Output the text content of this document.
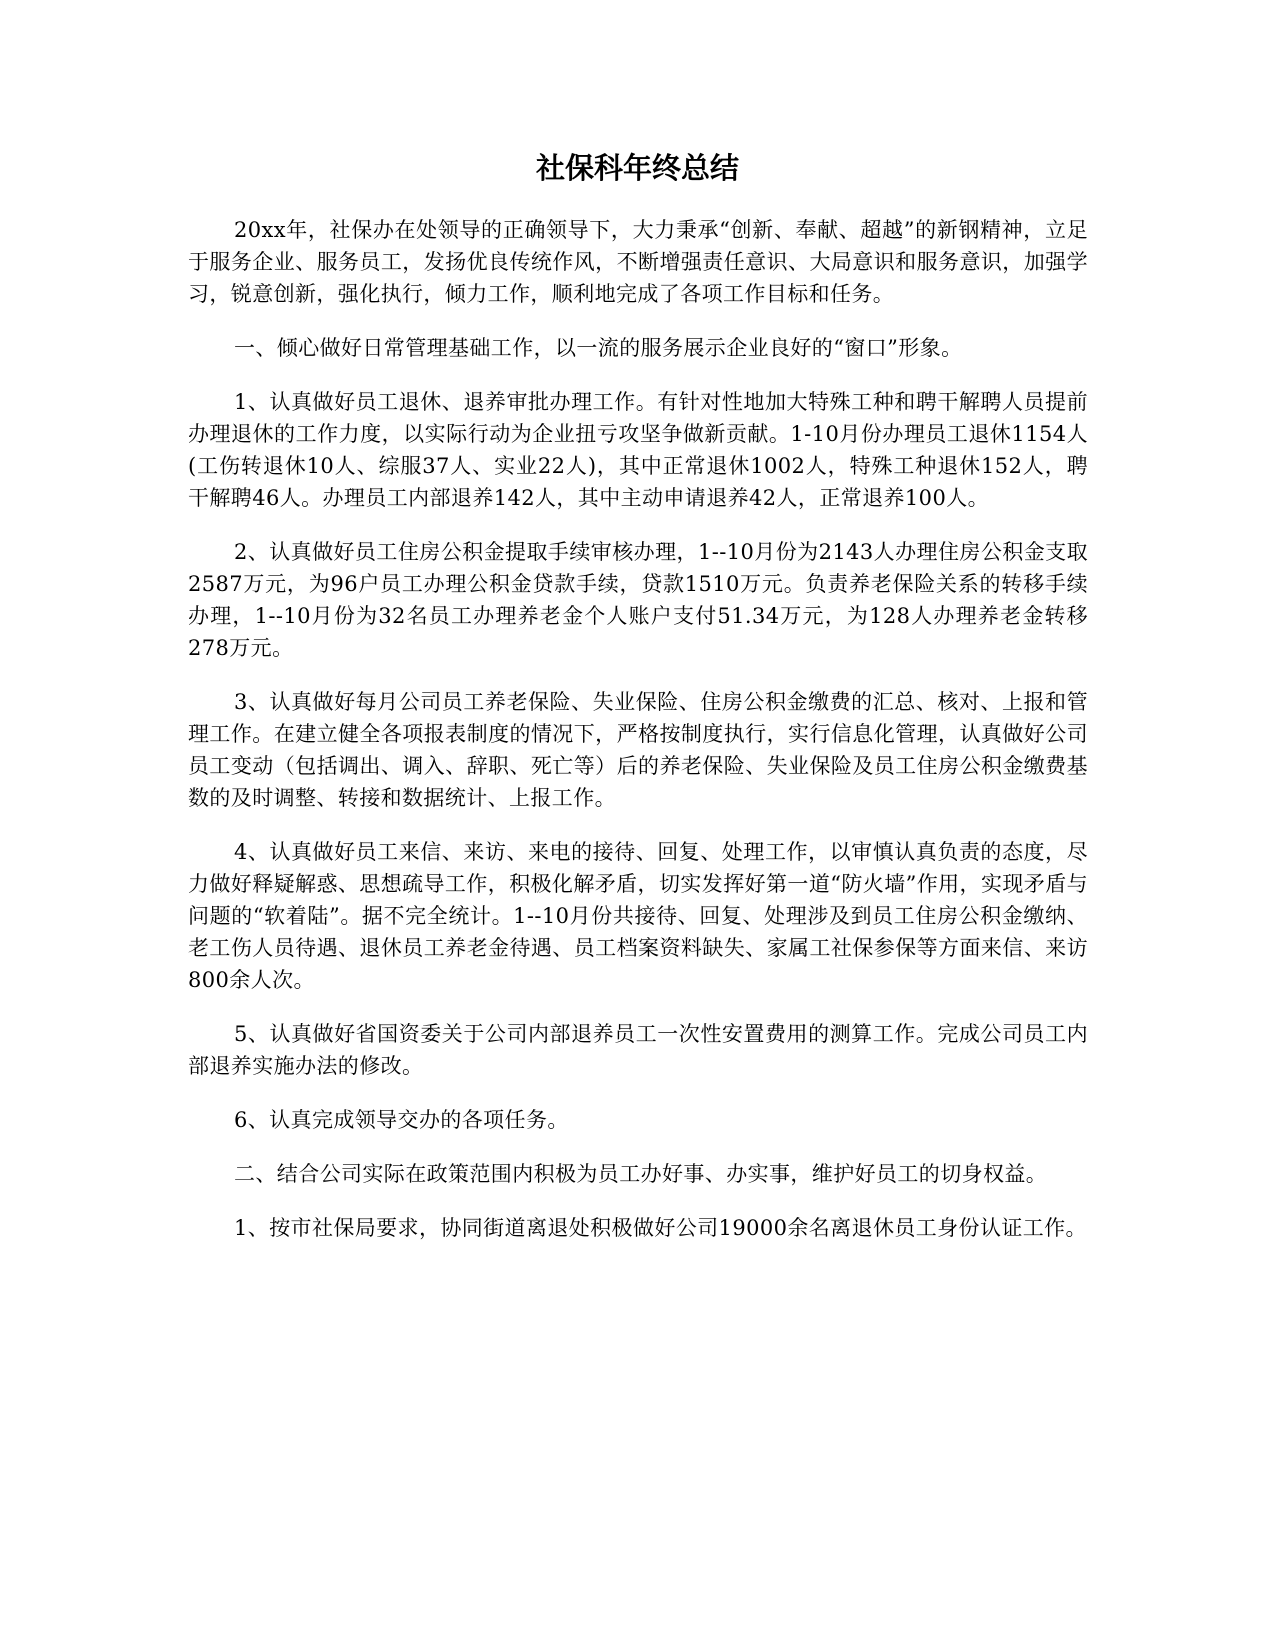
社保科年终总结

20xx年，社保办在处领导的正确领导下，大力秉承“创新、奉献、超越”的新钢精神，立足于服务企业、服务员工，发扬优良传统作风，不断增强责任意识、大局意识和服务意识，加强学习，锐意创新，强化执行，倾力工作，顺利地完成了各项工作目标和任务。

一、倾心做好日常管理基础工作，以一流的服务展示企业良好的“窗口”形象。

1、认真做好员工退休、退养审批办理工作。有针对性地加大特殊工种和聘干解聘人员提前办理退休的工作力度，以实际行动为企业扭亏攻坚争做新贡献。1-10月份办理员工退休1154人(工伤转退休10人、综服37人、实业22人)，其中正常退休1002人，特殊工种退休152人，聘干解聘46人。办理员工内部退养142人，其中主动申请退养42人，正常退养100人。

2、认真做好员工住房公积金提取手续审核办理，1--10月份为2143人办理住房公积金支取2587万元，为96户员工办理公积金贷款手续，贷款1510万元。负责养老保险关系的转移手续办理，1--10月份为32名员工办理养老金个人账户支付51.34万元，为128人办理养老金转移278万元。

3、认真做好每月公司员工养老保险、失业保险、住房公积金缴费的汇总、核对、上报和管理工作。在建立健全各项报表制度的情况下，严格按制度执行，实行信息化管理，认真做好公司员工变动（包括调出、调入、辞职、死亡等）后的养老保险、失业保险及员工住房公积金缴费基数的及时调整、转接和数据统计、上报工作。

4、认真做好员工来信、来访、来电的接待、回复、处理工作，以审慎认真负责的态度，尽力做好释疑解惑、思想疏导工作，积极化解矛盾，切实发挥好第一道“防火墙”作用，实现矛盾与问题的“软着陆”。据不完全统计。1--10月份共接待、回复、处理涉及到员工住房公积金缴纳、老工伤人员待遇、退休员工养老金待遇、员工档案资料缺失、家属工社保参保等方面来信、来访800余人次。

5、认真做好省国资委关于公司内部退养员工一次性安置费用的测算工作。完成公司员工内部退养实施办法的修改。

6、认真完成领导交办的各项任务。

二、结合公司实际在政策范围内积极为员工办好事、办实事，维护好员工的切身权益。

1、按市社保局要求，协同街道离退处积极做好公司19000余名离退休员工身份认证工作。
